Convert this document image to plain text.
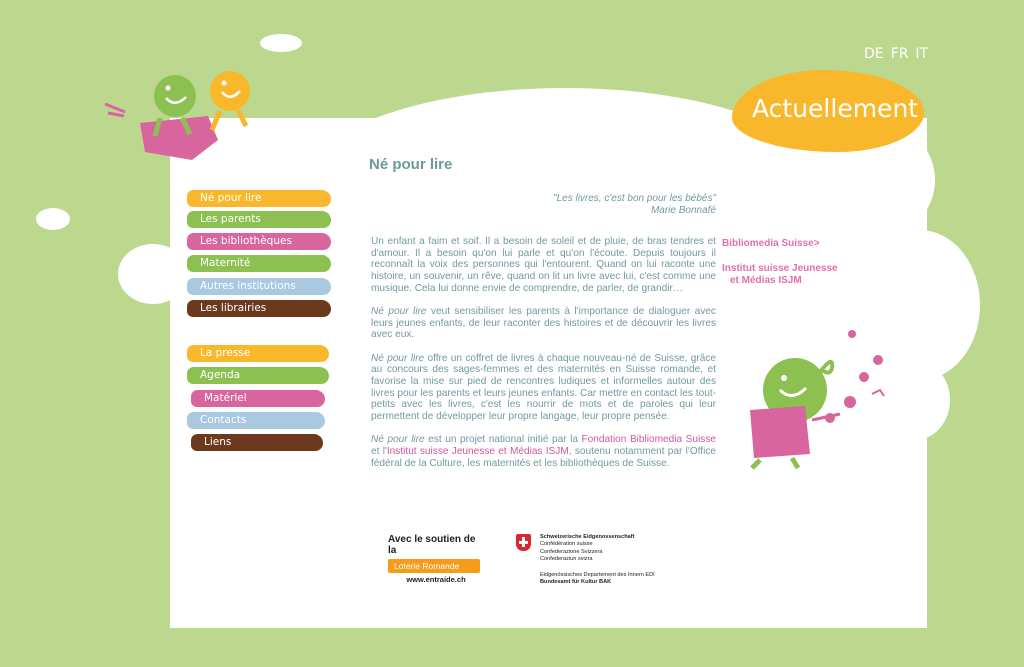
DE FR IT
Actuellement
Né pour lire
Les parents
Les bibliothèques
Maternité
Autres institutions
Les librairies
La presse
Agenda
Matériel
Contacts
Liens
Né pour lire
"Les livres, c'est bon pour les bébés"
Marie Bonnafé

Un enfant a faim et soif. Il a besoin de soleil et de pluie, de bras tendres et d'amour. Il a besoin qu'on lui parle et qu'on l'écoute. Depuis toujours il reconnaît la voix des personnes qui l'entourent. Quand on lui raconte une histoire, un souvenir, un rêve, quand on lit un livre avec lui, c'est comme une musique. Cela lui donne envie de comprendre, de parler, de grandir…

Né pour lire veut sensibiliser les parents à l'importance de dialoguer avec leurs jeunes enfants, de leur raconter des histoires et de découvrir les livres avec eux.

Né pour lire offre un coffret de livres à chaque nouveau-né de Suisse, grâce au concours des sages-femmes et des maternités en Suisse romande, et favorise la mise sur pied de rencontres ludiques et informelles autour des livres pour les parents et leurs jeunes enfants. Car mettre en contact les tout-petits avec les livres, c'est les nourrir de mots et de paroles qui leur permettent de développer leur propre langage, leur propre pensée.

Né pour lire est un projet national initié par la Fondation Bibliomedia Suisse et l'Institut suisse Jeunesse et Médias ISJM, soutenu notamment par l'Office fédéral de la Culture, les maternités et les bibliothèques de Suisse.

Bibliomedia Suisse>
Institut suisse Jeunesse
et Médias ISJM
Avec le soutien de la
Loterie Romande
www.entraide.ch
Schweizerische Eidgenossenschaft
Confédération suisse
Confederazione Svizzera
Confederaziun svizra
Eidgenössisches Departement des Innern EDI
Bundesamt für Kultur BAK
